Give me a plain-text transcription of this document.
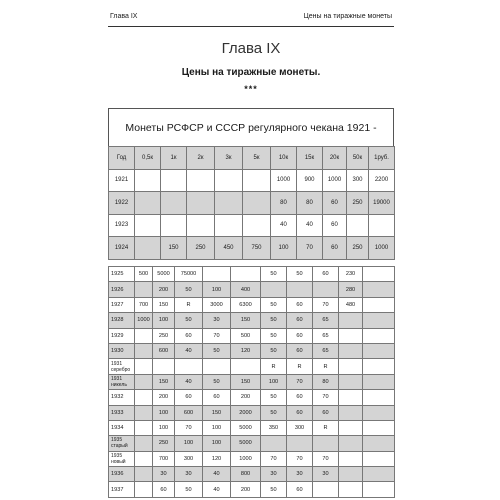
Глава IX	Цены на тиражные монеты
Глава IX
Цены на тиражные монеты.
***
Монеты РСФСР и СССР регулярного чекана 1921 -
Год	0,5к	1к	2к	3к	5к	10к	15к	20к	50к	1руб.
1921						1000	900	1000	300	2200
1922						80	80	60	250	19000
1923						40	40	60		
1924		150	250	450	750	100	70	60	250	1000
1925	500	5000	75000			50	50	60	230	
1926		200	50	100	400				280	
1927	700	150	R	3000	6300	50	60	70	480	
1928	1000	100	50	30	150	50	60	65		
1929		250	60	70	500	50	60	65		
1930		600	40	50	120	50	60	65		
1931
серебро						R	R	R		
1931
никель		150	40	50	150	100	70	80		
1932		200	60	60	200	50	60	70		
1933		100	600	150	2000	50	60	60		
1934		100	70	100	5000	350	300	R		
1935
старый		250	100	100	5000					
1935
новый		700	300	120	1000	70	70	70		
1936		30	30	40	800	30	30	30		
1937		60	50	40	200	50	60			
